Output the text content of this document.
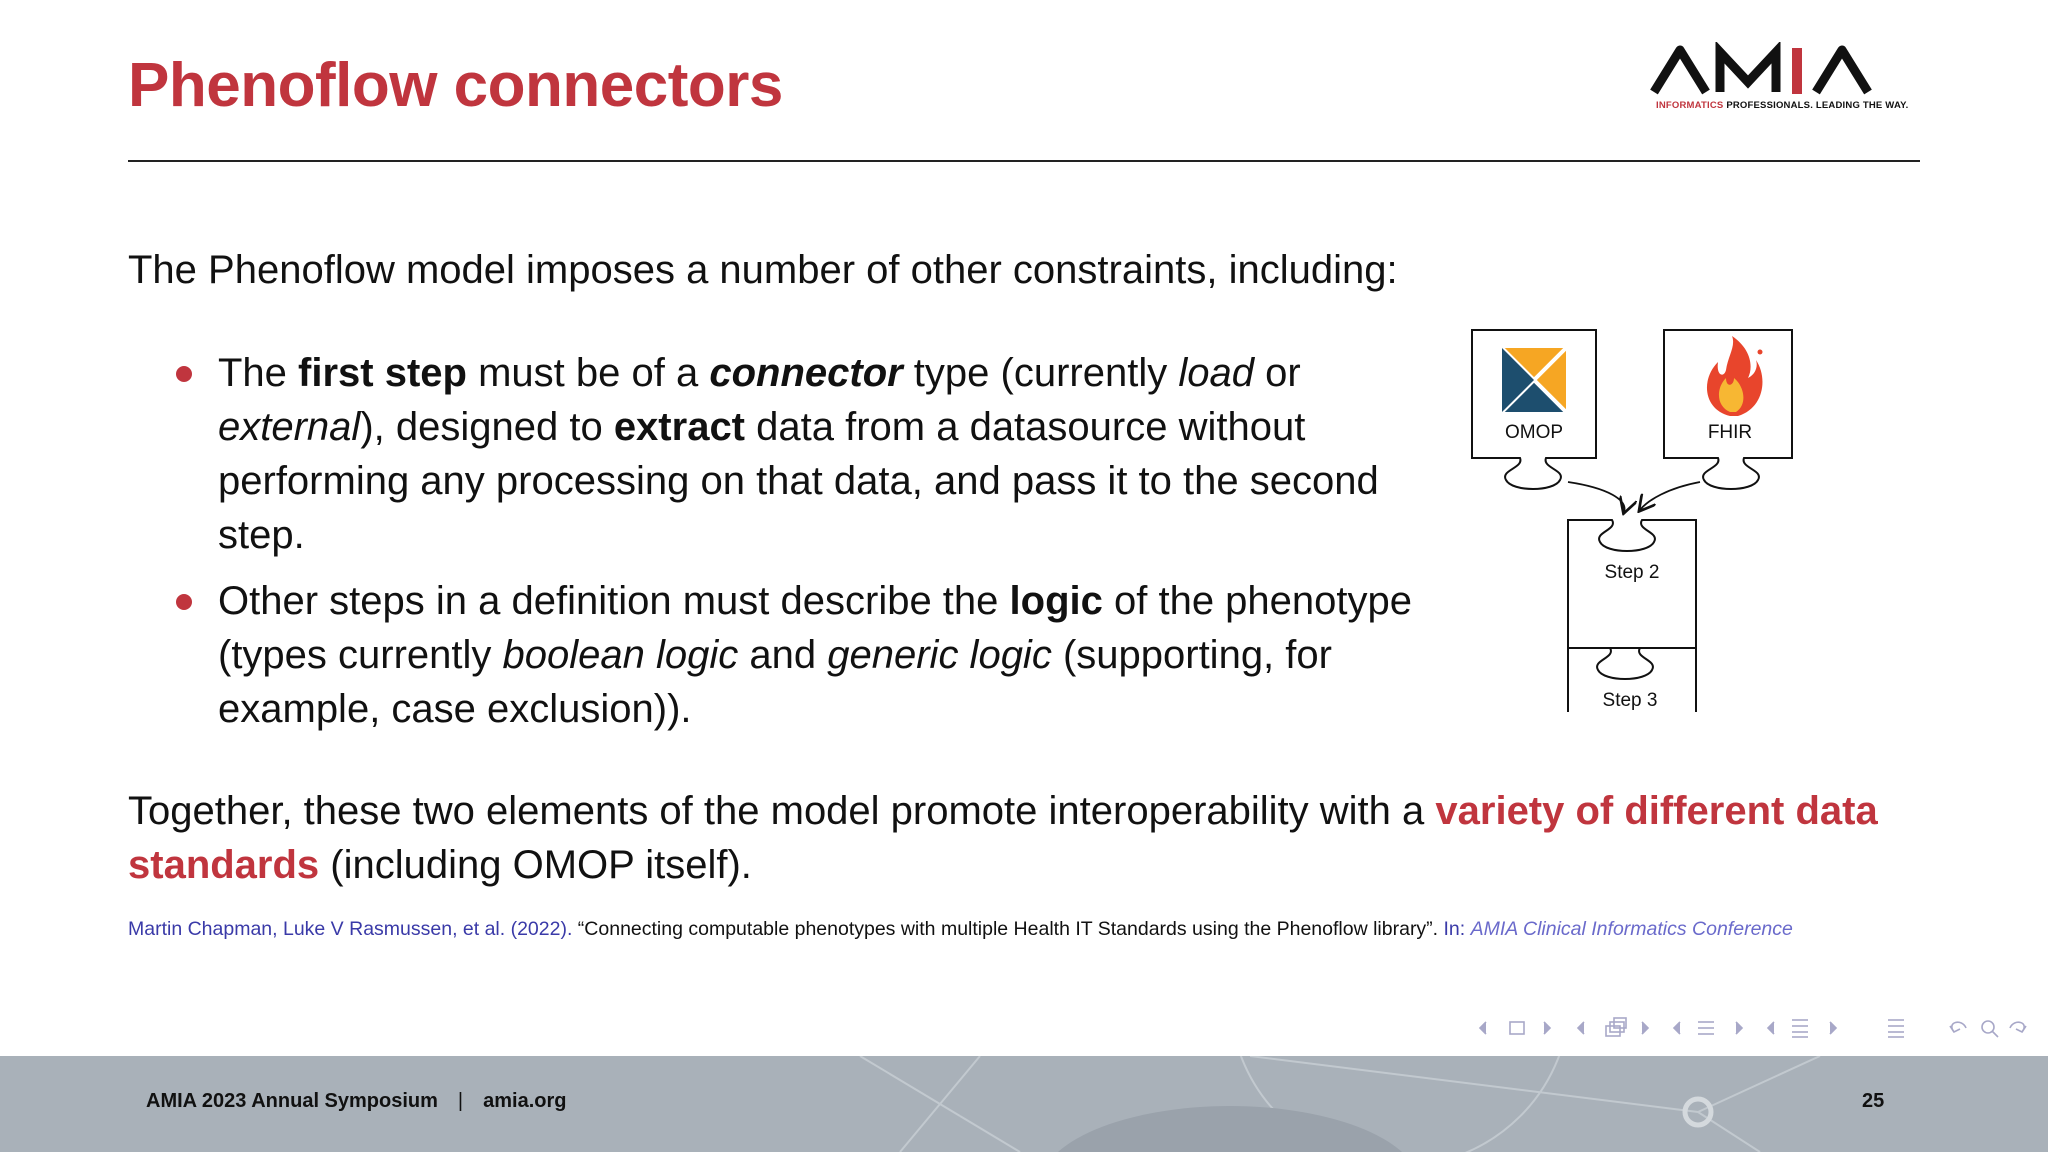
Phenoflow connectors	INFORMATICS PROFESSIONALS. LEADING THE WAY.

The Phenoflow model imposes a number of other constraints, including:

The first step must be of a connector type (currently load or external), designed to extract data from a datasource without performing any processing on that data, and pass it to the second step.
Other steps in a definition must describe the logic of the phenotype (types currently boolean logic and generic logic (supporting, for example, case exclusion)).

Together, these two elements of the model promote interoperability with a variety of different data standards (including OMOP itself).

Martin Chapman, Luke V Rasmussen, et al. (2022). “Connecting computable phenotypes with multiple Health IT Standards using the Phenoflow library”. In: AMIA Clinical Informatics Conference
OMOP	FHIR
Step 2
Step 3
AMIA 2023 Annual Symposium | amia.org	25
